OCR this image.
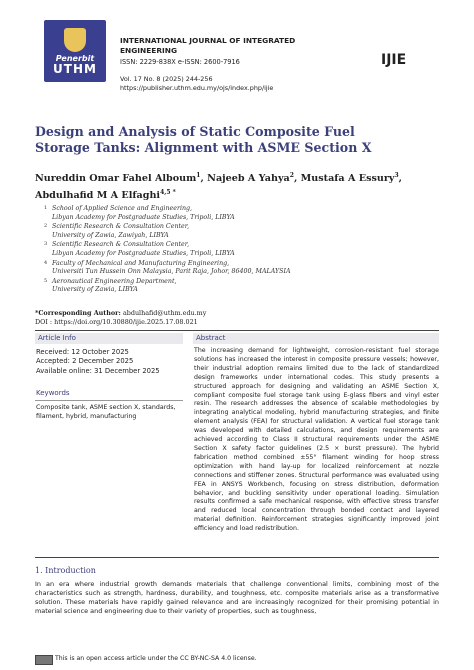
Penerbit
UTHM
INTERNATIONAL JOURNAL OF INTEGRATED ENGINEERING
ISSN: 2229-838X e-ISSN: 2600-7916
Vol. 17 No. 8 (2025) 244-256
https://publisher.uthm.edu.my/ojs/index.php/ijie
IJIE
Design and Analysis of Static Composite Fuel Storage Tanks: Alignment with ASME Section X
Nureddin Omar Fahel Alboum$^1$, Najeeb A Yahya$^2$, Mustafa A Essury$^3$,
Abdulhafid M A Elfaghi$^{4,5 *}$
1 School of Applied Science and Engineering,
Libyan Academy for Postgraduate Studies, Tripoli, LIBYA
2 Scientific Research & Consultation Center,
University of Zawia, Zawiyah, LIBYA
3 Scientific Research & Consultation Center,
Libyan Academy for Postgraduate Studies, Tripoli, LIBYA
4 Faculty of Mechanical and Manufacturing Engineering,
Universiti Tun Hussein Onn Malaysia, Parit Raja, Johor, 86400, MALAYSIA
5 Aeronautical Engineering Department,
University of Zawia, LIBYA
*Corresponding Author: abdulhafid@uthm.edu.my
DOI : https://doi.org/10.30880/ijie.2025.17.08.021
Article Info
Received: 12 October 2025
Accepted: 2 December 2025
Available online: 31 December 2025
Keywords
Composite tank, ASME section X, standards, filament, hybrid, manufacturing
Abstract
The increasing demand for lightweight, corrosion-resistant fuel storage solutions has increased the interest in composite pressure vessels; however, their industrial adoption remains limited due to the lack of standardized design frameworks under international codes. This study presents a structured approach for designing and validating an ASME Section X, compliant composite fuel storage tank using E-glass fibers and vinyl ester resin. The research addresses the absence of scalable methodologies by integrating analytical modeling, hybrid manufacturing strategies, and finite element analysis (FEA) for structural validation. A vertical fuel storage tank was developed with detailed calculations, and design requirements are achieved according to Class II structural requirements under the ASME Section X safety factor guidelines (2.5 × burst pressure). The hybrid fabrication method combined ±55° filament winding for hoop stress optimization with hand lay-up for localized reinforcement at nozzle connections and stiffener zones. Structural performance was evaluated using FEA in ANSYS Workbench, focusing on stress distribution, deformation behavior, and buckling sensitivity under operational loading. Simulation results confirmed a safe mechanical response, with effective stress transfer and reduced local concentration through bonded contact and layered material definition. Reinforcement strategies significantly improved joint efficiency and load redistribution.
1. Introduction
In an era where industrial growth demands materials that challenge conventional limits, combining most of the characteristics such as strength, hardness, durability, and toughness, etc. composite materials arise as a transformative solution. These materials have rapidly gained relevance and are increasingly recognized for their promising potential in material science and engineering due to their variety of properties, such as toughness,
This is an open access article under the CC BY-NC-SA 4.0 license.
